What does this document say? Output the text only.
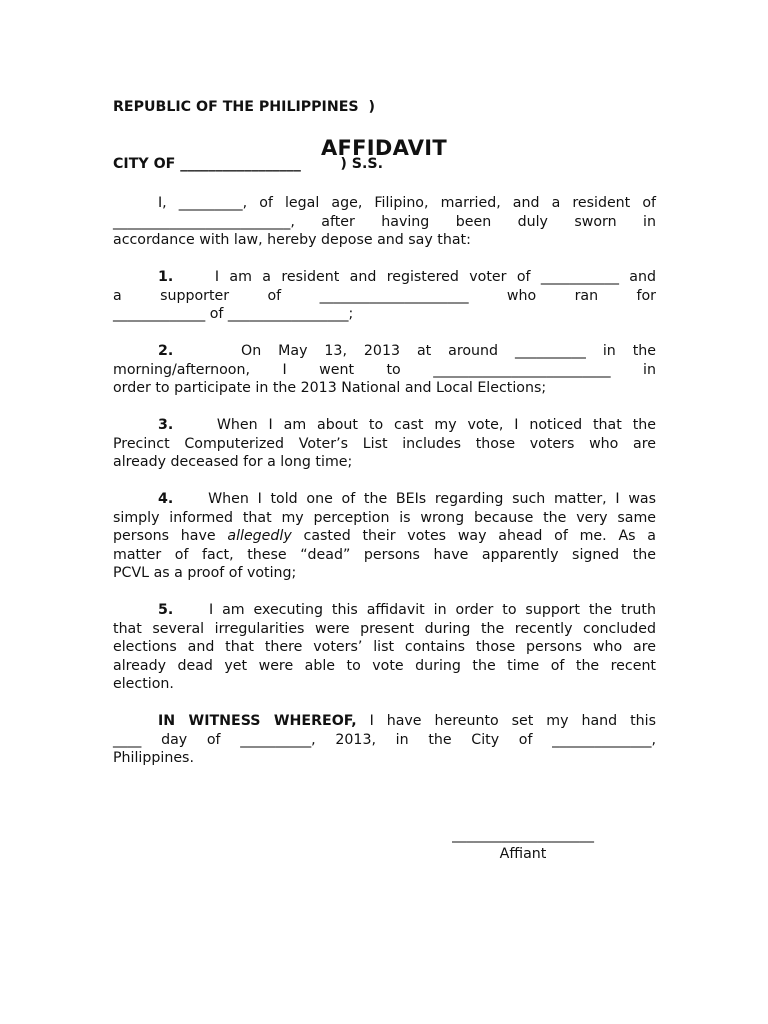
REPUBLIC OF THE PHILIPPINES  )

CITY OF _________________        ) S.S.

AFFIDAVIT
I, _________, of legal age, Filipino, married, and a resident of
_________________________, after having been duly sworn in
accordance with law, hereby depose and say that:
1.	I am a resident and registered voter of ___________ and
a supporter of _____________________ who ran for
_____________ of _________________;
2.	On May 13, 2013 at around __________ in the
morning/afternoon, I went to _________________________ in
order to participate in the 2013 National and Local Elections;
3.	When I am about to cast my vote, I noticed that the
Precinct Computerized Voter’s List includes those voters who are
already deceased for a long time;
4. When I told one of the BEIs regarding such matter, I was
simply informed that my perception is wrong because the very same
persons have allegedly casted their votes way ahead of me. As a
matter of fact, these “dead” persons have apparently signed the
PCVL as a proof of voting;
5.	I am executing this affidavit in order to support the truth
that several irregularities were present during the recently concluded
elections and that there voters’ list contains those persons who are
already dead yet were able to vote during the time of the recent
election.
IN WITNESS WHEREOF, I have hereunto set my hand this
____ day of __________, 2013, in the City of ______________,
Philippines.
____________________
Affiant
